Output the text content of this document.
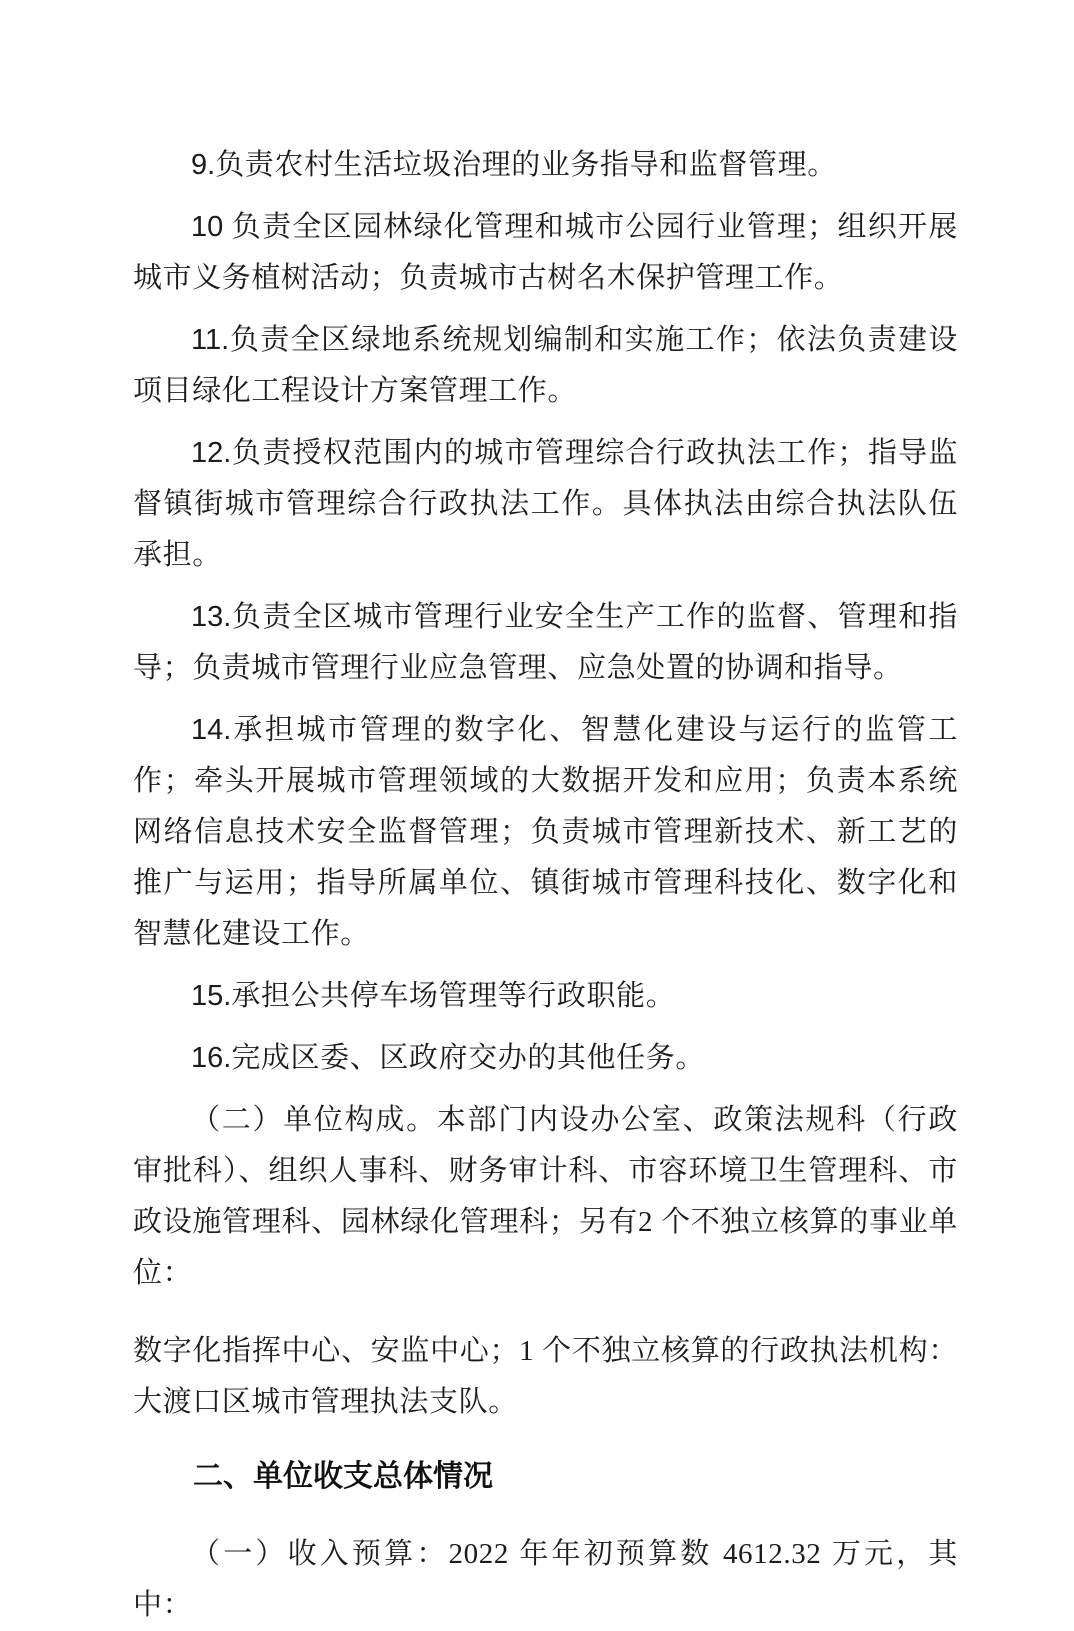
9.负责农村生活垃圾治理的业务指导和监督管理。

10 负责全区园林绿化管理和城市公园行业管理；组织开展城市义务植树活动；负责城市古树名木保护管理工作。

11.负责全区绿地系统规划编制和实施工作；依法负责建设项目绿化工程设计方案管理工作。

12.负责授权范围内的城市管理综合行政执法工作；指导监督镇街城市管理综合行政执法工作。具体执法由综合执法队伍承担。

13.负责全区城市管理行业安全生产工作的监督、管理和指导；负责城市管理行业应急管理、应急处置的协调和指导。

14.承担城市管理的数字化、智慧化建设与运行的监管工作；牵头开展城市管理领域的大数据开发和应用；负责本系统网络信息技术安全监督管理；负责城市管理新技术、新工艺的推广与运用；指导所属单位、镇街城市管理科技化、数字化和智慧化建设工作。

15.承担公共停车场管理等行政职能。

16.完成区委、区政府交办的其他任务。

（二）单位构成。本部门内设办公室、政策法规科（行政审批科）、组织人事科、财务审计科、市容环境卫生管理科、市政设施管理科、园林绿化管理科；另有2 个不独立核算的事业单位：

数字化指挥中心、安监中心；1 个不独立核算的行政执法机构：大渡口区城市管理执法支队。

二、单位收支总体情况

（一）收入预算：2022 年年初预算数 4612.32 万元，其中：
